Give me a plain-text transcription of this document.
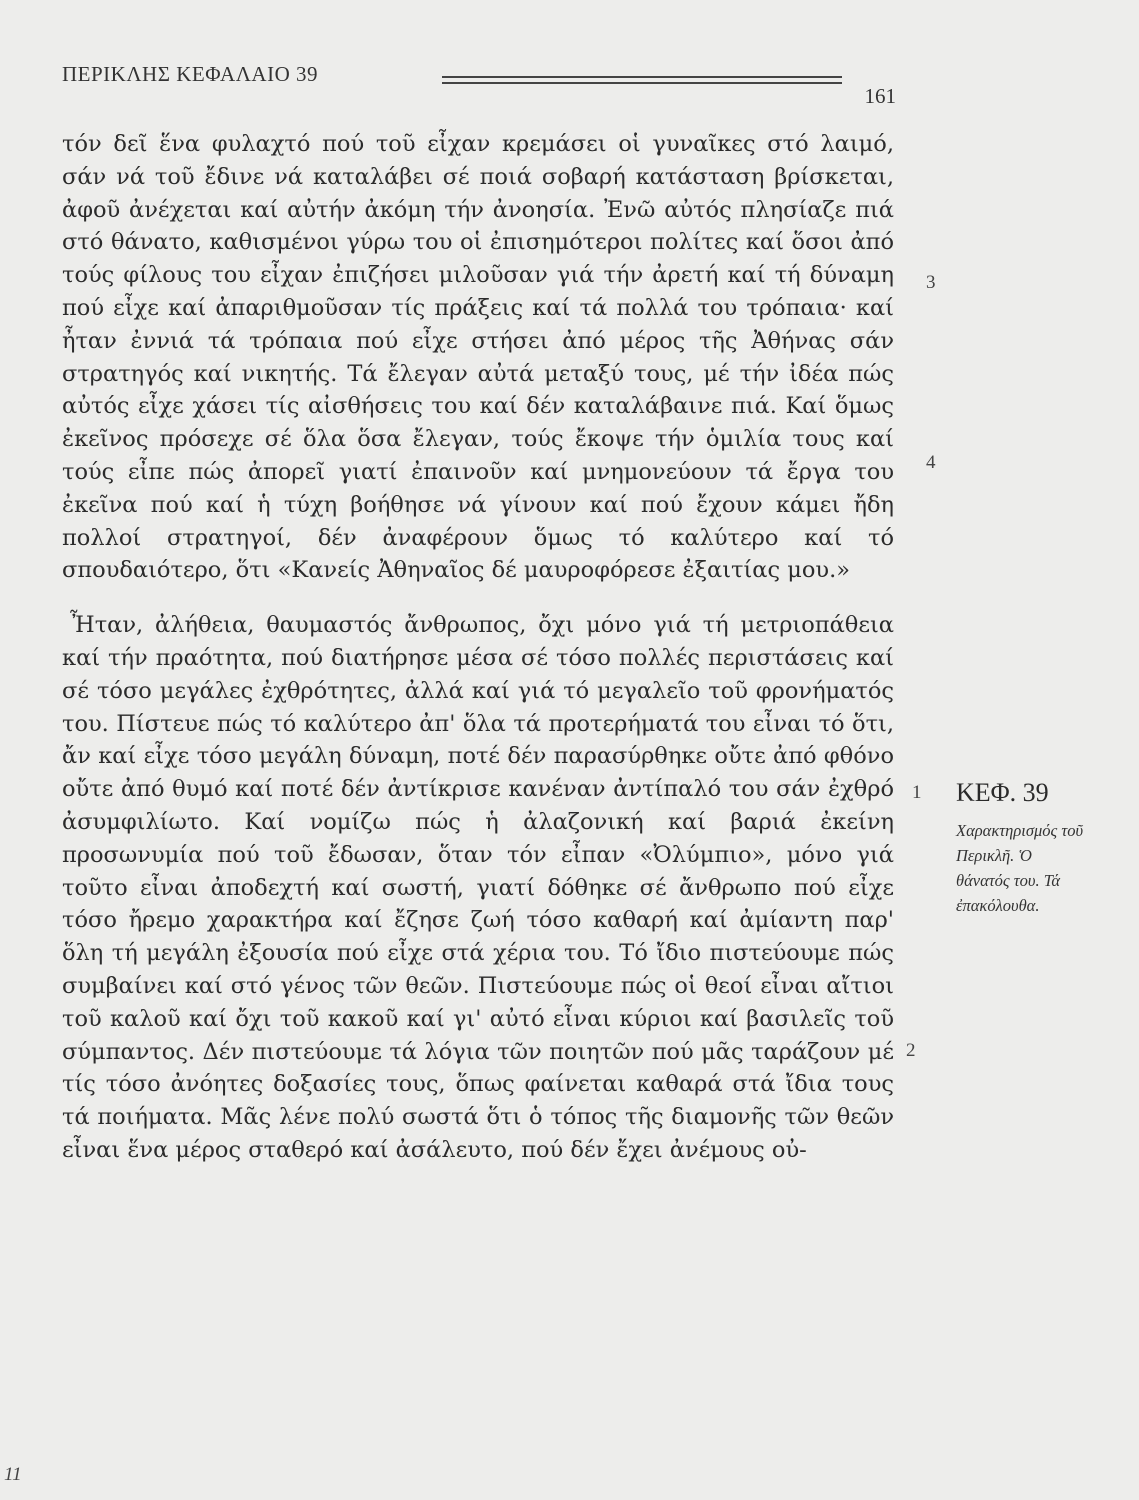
ΠΕΡΙΚΛΗΣ ΚΕΦΑΛΑΙΟ 39
161

τόν δεῖ ἕνα φυλαχτό πού τοῦ εἶχαν κρεμάσει οἱ γυναῖκες στό λαιμό, σάν νά τοῦ ἔδινε νά καταλάβει σέ ποιά σοβαρή κατάσταση βρίσκεται, ἀφοῦ ἀνέχεται καί αὐτήν ἀκόμη τήν ἀνοησία. Ἐνῶ αὐτός πλησίαζε πιά στό θάνατο, καθισμένοι γύρω του οἱ ἐπισημότεροι πολίτες καί ὅσοι ἀπό τούς φίλους του εἶχαν ἐπιζήσει μιλοῦσαν γιά τήν ἀρετή καί τή δύναμη πού εἶχε καί ἀπαριθμοῦσαν τίς πράξεις καί τά πολλά του τρόπαια· καί ἦταν ἐννιά τά τρόπαια πού εἶχε στήσει ἀπό μέρος τῆς Ἀθήνας σάν στρατηγός καί νικητής. Τά ἔλεγαν αὐτά μεταξύ τους, μέ τήν ἰδέα πώς αὐτός εἶχε χάσει τίς αἰσθήσεις του καί δέν καταλάβαινε πιά. Καί ὅμως ἐκεῖνος πρόσεχε σέ ὅλα ὅσα ἔλεγαν, τούς ἔκοψε τήν ὁμιλία τους καί τούς εἶπε πώς ἀπορεῖ γιατί ἐπαινοῦν καί μνημονεύουν τά ἔργα του ἐκεῖνα πού καί ἡ τύχη βοήθησε νά γίνουν καί πού ἔχουν κάμει ἤδη πολλοί στρατηγοί, δέν ἀναφέρουν ὅμως τό καλύτερο καί τό σπουδαιότερο, ὅτι «Κανείς Ἀθηναῖος δέ μαυροφόρεσε ἐξαιτίας μου.»

Ἦταν, ἀλήθεια, θαυμαστός ἄνθρωπος, ὄχι μόνο γιά τή μετριοπάθεια καί τήν πραότητα, πού διατήρησε μέσα σέ τόσο πολλές περιστάσεις καί σέ τόσο μεγάλες ἐχθρότητες, ἀλλά καί γιά τό μεγαλεῖο τοῦ φρονήματός του. Πίστευε πώς τό καλύτερο ἀπ' ὅλα τά προτερήματά του εἶναι τό ὅτι, ἄν καί εἶχε τόσο μεγάλη δύναμη, ποτέ δέν παρασύρθηκε οὔτε ἀπό φθόνο οὔτε ἀπό θυμό καί ποτέ δέν ἀντίκρισε κανέναν ἀντίπαλό του σάν ἐχθρό ἀσυμφιλίωτο. Καί νομίζω πώς ἡ ἀλαζονική καί βαριά ἐκείνη προσωνυμία πού τοῦ ἔδωσαν, ὅταν τόν εἶπαν «Ὀλύμπιο», μόνο γιά τοῦτο εἶναι ἀποδεχτή καί σωστή, γιατί δόθηκε σέ ἄνθρωπο πού εἶχε τόσο ἤρεμο χαρακτήρα καί ἔζησε ζωή τόσο καθαρή καί ἀμίαντη παρ' ὅλη τή μεγάλη ἐξουσία πού εἶχε στά χέρια του. Τό ἴδιο πιστεύουμε πώς συμβαίνει καί στό γένος τῶν θεῶν. Πιστεύουμε πώς οἱ θεοί εἶναι αἴτιοι τοῦ καλοῦ καί ὄχι τοῦ κακοῦ καί γι' αὐτό εἶναι κύριοι καί βασιλεῖς τοῦ σύμπαντος. Δέν πιστεύουμε τά λόγια τῶν ποιητῶν πού μᾶς ταράζουν μέ τίς τόσο ἀνόητες δοξασίες τους, ὅπως φαίνεται καθαρά στά ἴδια τους τά ποιήματα. Μᾶς λένε πολύ σωστά ὅτι ὁ τόπος τῆς διαμονῆς τῶν θεῶν εἶναι ἕνα μέρος σταθερό καί ἀσάλευτο, πού δέν ἔχει ἀνέμους οὐ-

3
4
1
2

ΚΕΦ. 39

Χαρακτηρισμός τοῦ Περικλῆ. Ὁ θάνατός του. Τά ἐπακόλουθα.

11
